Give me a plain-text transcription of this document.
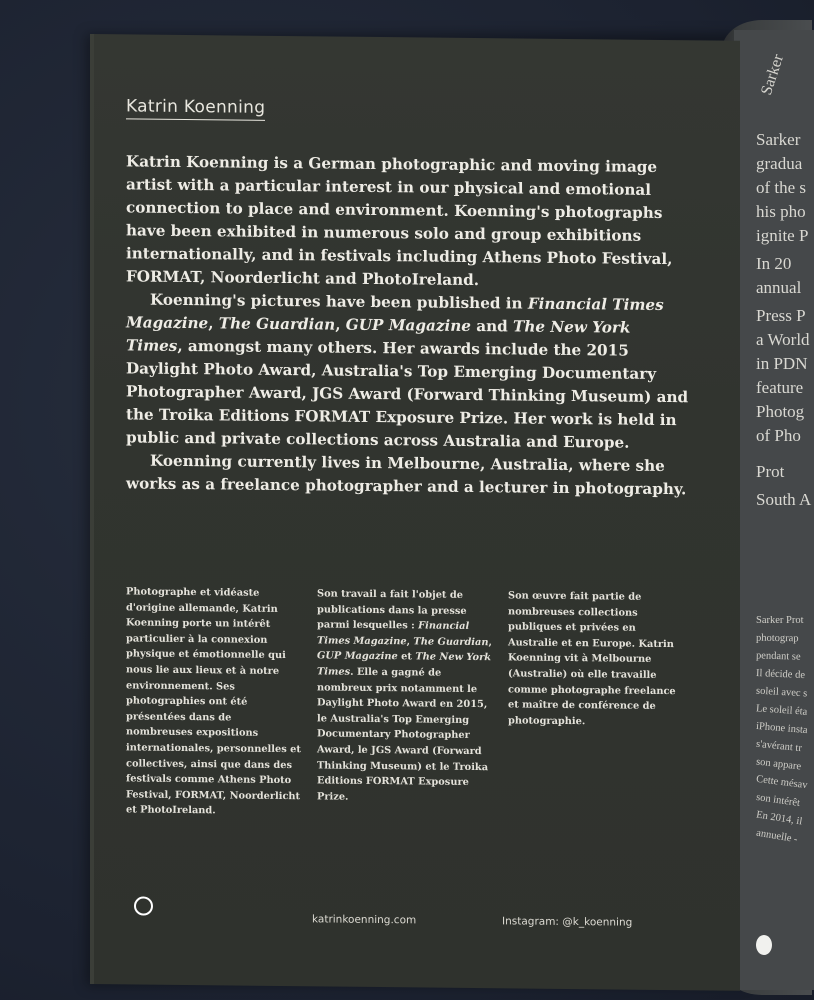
Sarker
Sarker
gradua
of the s
his pho
ignite P
In 20
annual
Press P
a World
in PDN
feature
Photog
of Pho
Prot
South A
Sarker Prot
photograp
pendant se
Il décide de
soleil avec s
Le soleil éta
iPhone insta
s'avérant tr
son appare
Cette mésav
son intérêt
En 2014, il
annuelle -
Katrin Koenning

Katrin Koenning is a German photographic and moving image artist with a particular interest in our physical and emotional connection to place and environment. Koenning's photographs have been exhibited in numerous solo and group exhibitions internationally, and in festivals including Athens Photo Festival, FORMAT, Noorderlicht and PhotoIreland.

Koenning's pictures have been published in Financial Times Magazine, The Guardian, GUP Magazine and The New York Times, amongst many others. Her awards include the 2015 Daylight Photo Award, Australia's Top Emerging Documentary Photographer Award, JGS Award (Forward Thinking Museum) and the Troika Editions FORMAT Exposure Prize. Her work is held in public and private collections across Australia and Europe.

Koenning currently lives in Melbourne, Australia, where she works as a freelance photographer and a lecturer in photography.

Photographe et vidéaste d'origine allemande, Katrin Koenning porte un intérêt particulier à la connexion physique et émotionnelle qui nous lie aux lieux et à notre environnement. Ses photographies ont été présentées dans de nombreuses expositions internationales, personnelles et collectives, ainsi que dans des festivals comme Athens Photo Festival, FORMAT, Noorderlicht et PhotoIreland.
Son travail a fait l'objet de publications dans la presse parmi lesquelles : Financial Times Magazine, The Guardian, GUP Magazine et The New York Times. Elle a gagné de nombreux prix notamment le Daylight Photo Award en 2015, le Australia's Top Emerging Documentary Photographer Award, le JGS Award (Forward Thinking Museum) et le Troika Editions FORMAT Exposure Prize.
Son œuvre fait partie de nombreuses collections publiques et privées en Australie et en Europe. Katrin Koenning vit à Melbourne (Australie) où elle travaille comme photographe freelance et maître de conférence de photographie.
katrinkoenning.com	Instagram: @k_koenning
